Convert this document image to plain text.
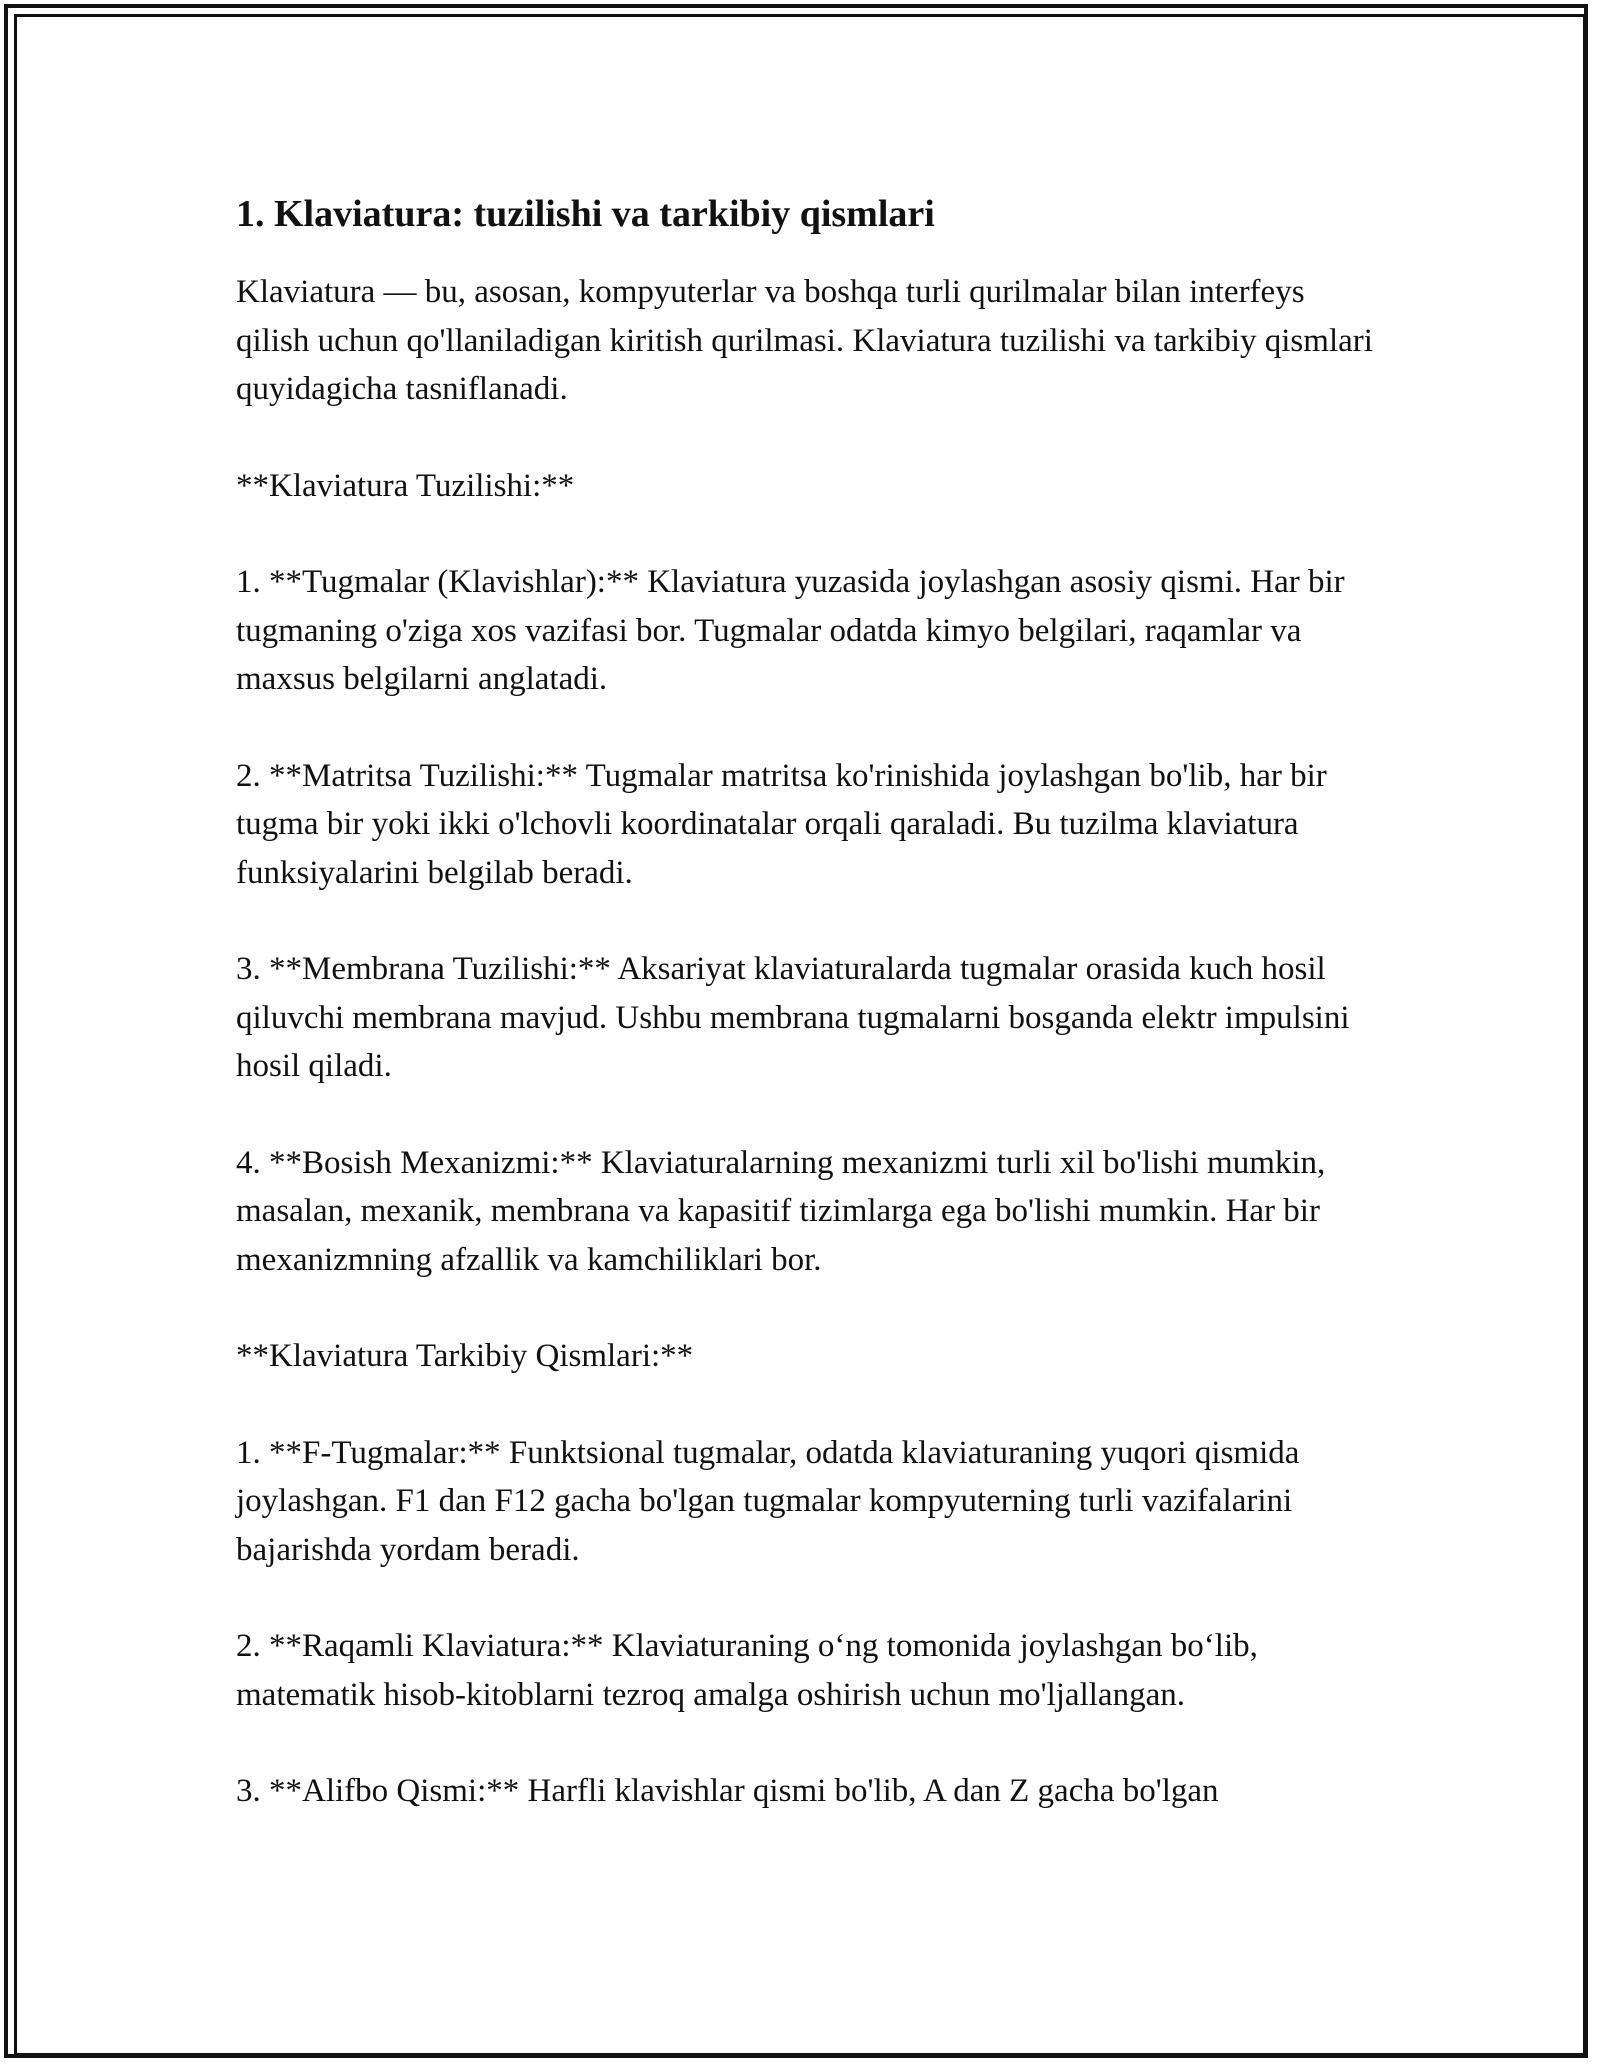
1. Klaviatura: tuzilishi va tarkibiy qismlari

Klaviatura — bu, asosan, kompyuterlar va boshqa turli qurilmalar bilan interfeys qilish uchun qo'llaniladigan kiritish qurilmasi. Klaviatura tuzilishi va tarkibiy qismlari quyidagicha tasniflanadi.

**Klaviatura Tuzilishi:**

1. **Tugmalar (Klavishlar):** Klaviatura yuzasida joylashgan asosiy qismi. Har bir tugmaning o'ziga xos vazifasi bor. Tugmalar odatda kimyo belgilari, raqamlar va maxsus belgilarni anglatadi.

2. **Matritsa Tuzilishi:** Tugmalar matritsa ko'rinishida joylashgan bo'lib, har bir tugma bir yoki ikki o'lchovli koordinatalar orqali qaraladi. Bu tuzilma klaviatura funksiyalarini belgilab beradi.

3. **Membrana Tuzilishi:** Aksariyat klaviaturalarda tugmalar orasida kuch hosil qiluvchi membrana mavjud. Ushbu membrana tugmalarni bosganda elektr impulsini hosil qiladi.

4. **Bosish Mexanizmi:** Klaviaturalarning mexanizmi turli xil bo'lishi mumkin, masalan, mexanik, membrana va kapasitif tizimlarga ega bo'lishi mumkin. Har bir mexanizmning afzallik va kamchiliklari bor.

**Klaviatura Tarkibiy Qismlari:**

1. **F-Tugmalar:** Funktsional tugmalar, odatda klaviaturaning yuqori qismida joylashgan. F1 dan F12 gacha bo'lgan tugmalar kompyuterning turli vazifalarini bajarishda yordam beradi.

2. **Raqamli Klaviatura:** Klaviaturaning oʻng tomonida joylashgan boʻlib, matematik hisob-kitoblarni tezroq amalga oshirish uchun mo'ljallangan.

3. **Alifbo Qismi:** Harfli klavishlar qismi bo'lib, A dan Z gacha bo'lgan
